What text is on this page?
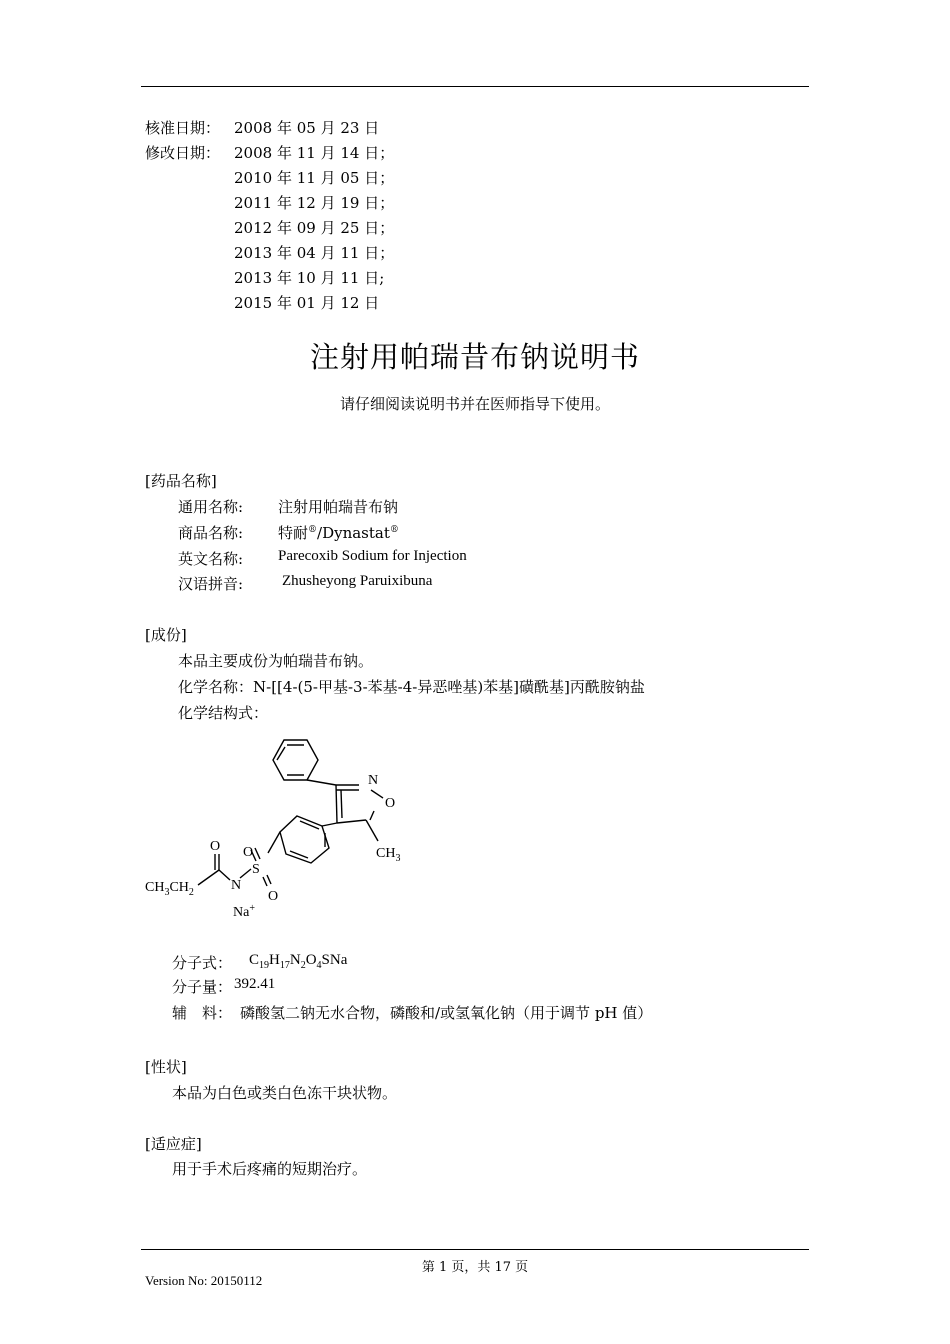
核准日期： 2008 年 05 月 23 日
修改日期： 2008 年 11 月 14 日；
2010 年 11 月 05 日；
2011 年 12 月 19 日；
2012 年 09 月 25 日；
2013 年 04 月 11 日；
2013 年 10 月 11 日;
2015 年 01 月 12 日
注射用帕瑞昔布钠说明书
请仔细阅读说明书并在医师指导下使用。
[药品名称]
通用名称: 注射用帕瑞昔布钠
商品名称: 特耐®/Dynastat®
英文名称: Parecoxib Sodium for Injection
汉语拼音:	Zhusheyong Paruixibuna
[成份]
本品主要成份为帕瑞昔布钠。
化学名称：N-[[4-(5-甲基-3-苯基-4-异恶唑基)苯基]磺酰基]丙酰胺钠盐
化学结构式：
N
O
$CH_3$
O O
S
O
N
$CH_3CH_2$
Na+
分子式： $C_{19}H_{17}N_2O_4SNa$
分子量： 392.41
辅　料： 磷酸氢二钠无水合物，磷酸和/或氢氧化钠（用于调节 pH 值）
[性状]
本品为白色或类白色冻干块状物。
[适应症]
用于手术后疼痛的短期治疗。
第 1 页，共 17 页
Version No: 20150112
